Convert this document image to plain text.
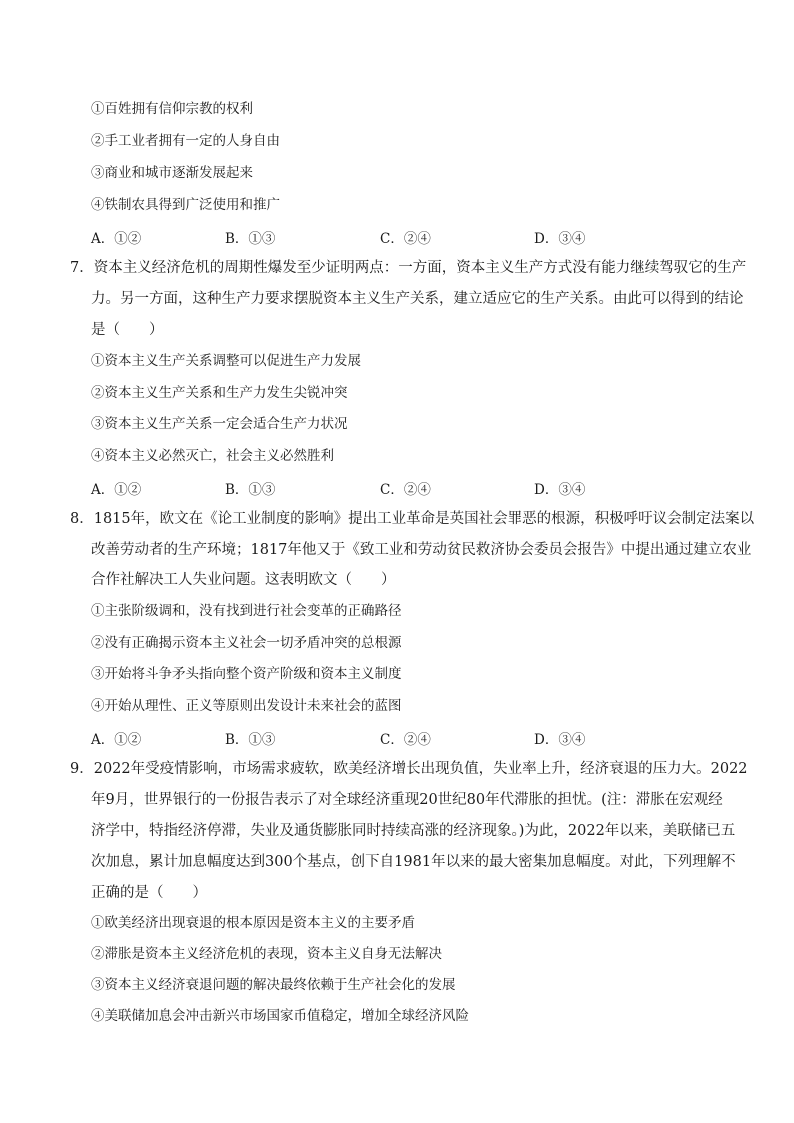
①百姓拥有信仰宗教的权利
②手工业者拥有一定的人身自由
③商业和城市逐渐发展起来
④铁制农具得到广泛使用和推广
A．①②	B．①③	C．②④	D．③④
7．资本主义经济危机的周期性爆发至少证明两点：一方面，资本主义生产方式没有能力继续驾驭它的生产
力。另一方面，这种生产力要求摆脱资本主义生产关系，建立适应它的生产关系。由此可以得到的结论
是（　　）
①资本主义生产关系调整可以促进生产力发展
②资本主义生产关系和生产力发生尖锐冲突
③资本主义生产关系一定会适合生产力状况
④资本主义必然灭亡，社会主义必然胜利
A．①②	B．①③	C．②④	D．③④
8．1815年，欧文在《论工业制度的影响》提出工业革命是英国社会罪恶的根源，积极呼吁议会制定法案以
改善劳动者的生产环境；1817年他又于《致工业和劳动贫民救济协会委员会报告》中提出通过建立农业
合作社解决工人失业问题。这表明欧文（　　）
①主张阶级调和，没有找到进行社会变革的正确路径
②没有正确揭示资本主义社会一切矛盾冲突的总根源
③开始将斗争矛头指向整个资产阶级和资本主义制度
④开始从理性、正义等原则出发设计未来社会的蓝图
A．①②	B．①③	C．②④	D．③④
9．2022年受疫情影响，市场需求疲软，欧美经济增长出现负值，失业率上升，经济衰退的压力大。2022
年9月，世界银行的一份报告表示了对全球经济重现20世纪80年代滞胀的担忧。(注：滞胀在宏观经
济学中，特指经济停滞，失业及通货膨胀同时持续高涨的经济现象。)为此，2022年以来，美联储已五
次加息，累计加息幅度达到300个基点，创下自1981年以来的最大密集加息幅度。对此，下列理解不
正确的是（　　）
①欧美经济出现衰退的根本原因是资本主义的主要矛盾
②滞胀是资本主义经济危机的表现，资本主义自身无法解决
③资本主义经济衰退问题的解决最终依赖于生产社会化的发展
④美联储加息会冲击新兴市场国家币值稳定，增加全球经济风险
